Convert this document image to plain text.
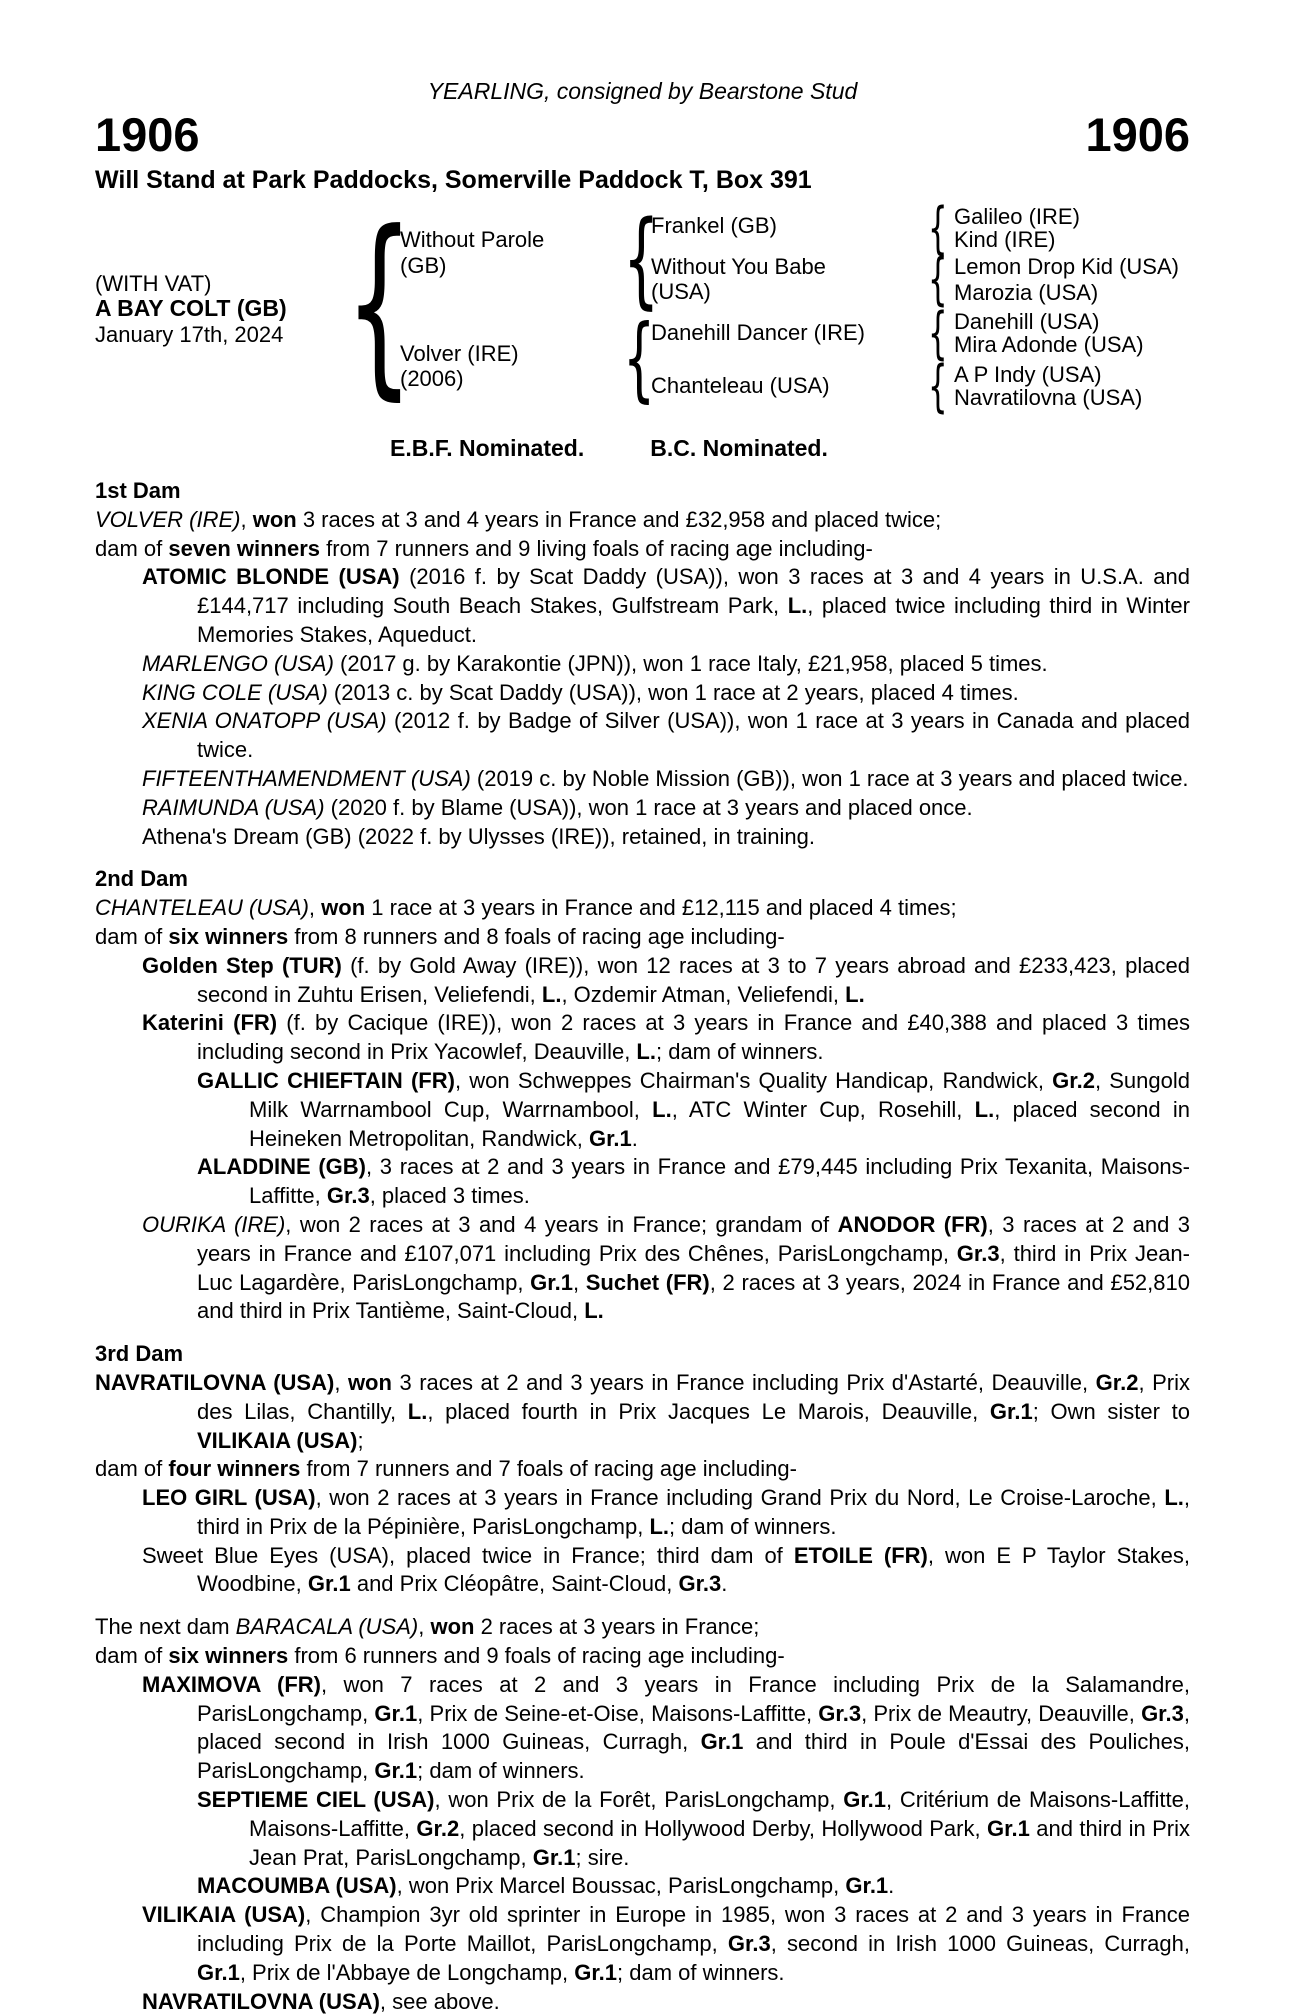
YEARLING, consigned by Bearstone Stud
1906	1906
Will Stand at Park Paddocks, Somerville Paddock T, Box 391
(WITH VAT)
A BAY COLT (GB)
January 17th, 2024 { {
{
{
{
{
{
Without Parole
(GB)
Volver (IRE)
(2006)
Frankel (GB)
Without You Babe
(USA)
Danehill Dancer (IRE)
Chanteleau (USA)
Galileo (IRE)
Kind (IRE)
Lemon Drop Kid (USA)
Marozia (USA)
Danehill (USA)
Mira Adonde (USA)
A P Indy (USA)
Navratilovna (USA)
E.B.F. Nominated.	B.C. Nominated.
1st Dam

VOLVER (IRE), won 3 races at 3 and 4 years in France and £32,958 and placed twice;

dam of seven winners from 7 runners and 9 living foals of racing age including-

ATOMIC BLONDE (USA) (2016 f. by Scat Daddy (USA)), won 3 races at 3 and 4 years in U.S.A. and £144,717 including South Beach Stakes, Gulfstream Park, L., placed twice including third in Winter Memories Stakes, Aqueduct.

MARLENGO (USA) (2017 g. by Karakontie (JPN)), won 1 race Italy, £21,958, placed 5 times.

KING COLE (USA) (2013 c. by Scat Daddy (USA)), won 1 race at 2 years, placed 4 times.

XENIA ONATOPP (USA) (2012 f. by Badge of Silver (USA)), won 1 race at 3 years in Canada and placed twice.

FIFTEENTHAMENDMENT (USA) (2019 c. by Noble Mission (GB)), won 1 race at 3 years and placed twice.

RAIMUNDA (USA) (2020 f. by Blame (USA)), won 1 race at 3 years and placed once.

Athena's Dream (GB) (2022 f. by Ulysses (IRE)), retained, in training.

2nd Dam

CHANTELEAU (USA), won 1 race at 3 years in France and £12,115 and placed 4 times;

dam of six winners from 8 runners and 8 foals of racing age including-

Golden Step (TUR) (f. by Gold Away (IRE)), won 12 races at 3 to 7 years abroad and £233,423, placed second in Zuhtu Erisen, Veliefendi, L., Ozdemir Atman, Veliefendi, L.

Katerini (FR) (f. by Cacique (IRE)), won 2 races at 3 years in France and £40,388 and placed 3 times including second in Prix Yacowlef, Deauville, L.; dam of winners.

GALLIC CHIEFTAIN (FR), won Schweppes Chairman's Quality Handicap, Randwick, Gr.2, Sungold Milk Warrnambool Cup, Warrnambool, L., ATC Winter Cup, Rosehill, L., placed second in Heineken Metropolitan, Randwick, Gr.1.

ALADDINE (GB), 3 races at 2 and 3 years in France and £79,445 including Prix Texanita, Maisons-Laffitte, Gr.3, placed 3 times.

OURIKA (IRE), won 2 races at 3 and 4 years in France; grandam of ANODOR (FR), 3 races at 2 and 3 years in France and £107,071 including Prix des Chênes, ParisLongchamp, Gr.3, third in Prix Jean-Luc Lagardère, ParisLongchamp, Gr.1, Suchet (FR), 2 races at 3 years, 2024 in France and £52,810 and third in Prix Tantième, Saint-Cloud, L.

3rd Dam

NAVRATILOVNA (USA), won 3 races at 2 and 3 years in France including Prix d'Astarté, Deauville, Gr.2, Prix des Lilas, Chantilly, L., placed fourth in Prix Jacques Le Marois, Deauville, Gr.1; Own sister to VILIKAIA (USA);

dam of four winners from 7 runners and 7 foals of racing age including-

LEO GIRL (USA), won 2 races at 3 years in France including Grand Prix du Nord, Le Croise-Laroche, L., third in Prix de la Pépinière, ParisLongchamp, L.; dam of winners.

Sweet Blue Eyes (USA), placed twice in France; third dam of ETOILE (FR), won E P Taylor Stakes, Woodbine, Gr.1 and Prix Cléopâtre, Saint-Cloud, Gr.3.

The next dam BARACALA (USA), won 2 races at 3 years in France;

dam of six winners from 6 runners and 9 foals of racing age including-

MAXIMOVA (FR), won 7 races at 2 and 3 years in France including Prix de la Salamandre, ParisLongchamp, Gr.1, Prix de Seine-et-Oise, Maisons-Laffitte, Gr.3, Prix de Meautry, Deauville, Gr.3, placed second in Irish 1000 Guineas, Curragh, Gr.1 and third in Poule d'Essai des Pouliches, ParisLongchamp, Gr.1; dam of winners.

SEPTIEME CIEL (USA), won Prix de la Forêt, ParisLongchamp, Gr.1, Critérium de Maisons-Laffitte, Maisons-Laffitte, Gr.2, placed second in Hollywood Derby, Hollywood Park, Gr.1 and third in Prix Jean Prat, ParisLongchamp, Gr.1; sire.

MACOUMBA (USA), won Prix Marcel Boussac, ParisLongchamp, Gr.1.

VILIKAIA (USA), Champion 3yr old sprinter in Europe in 1985, won 3 races at 2 and 3 years in France including Prix de la Porte Maillot, ParisLongchamp, Gr.3, second in Irish 1000 Guineas, Curragh, Gr.1, Prix de l'Abbaye de Longchamp, Gr.1; dam of winners.

NAVRATILOVNA (USA), see above.
